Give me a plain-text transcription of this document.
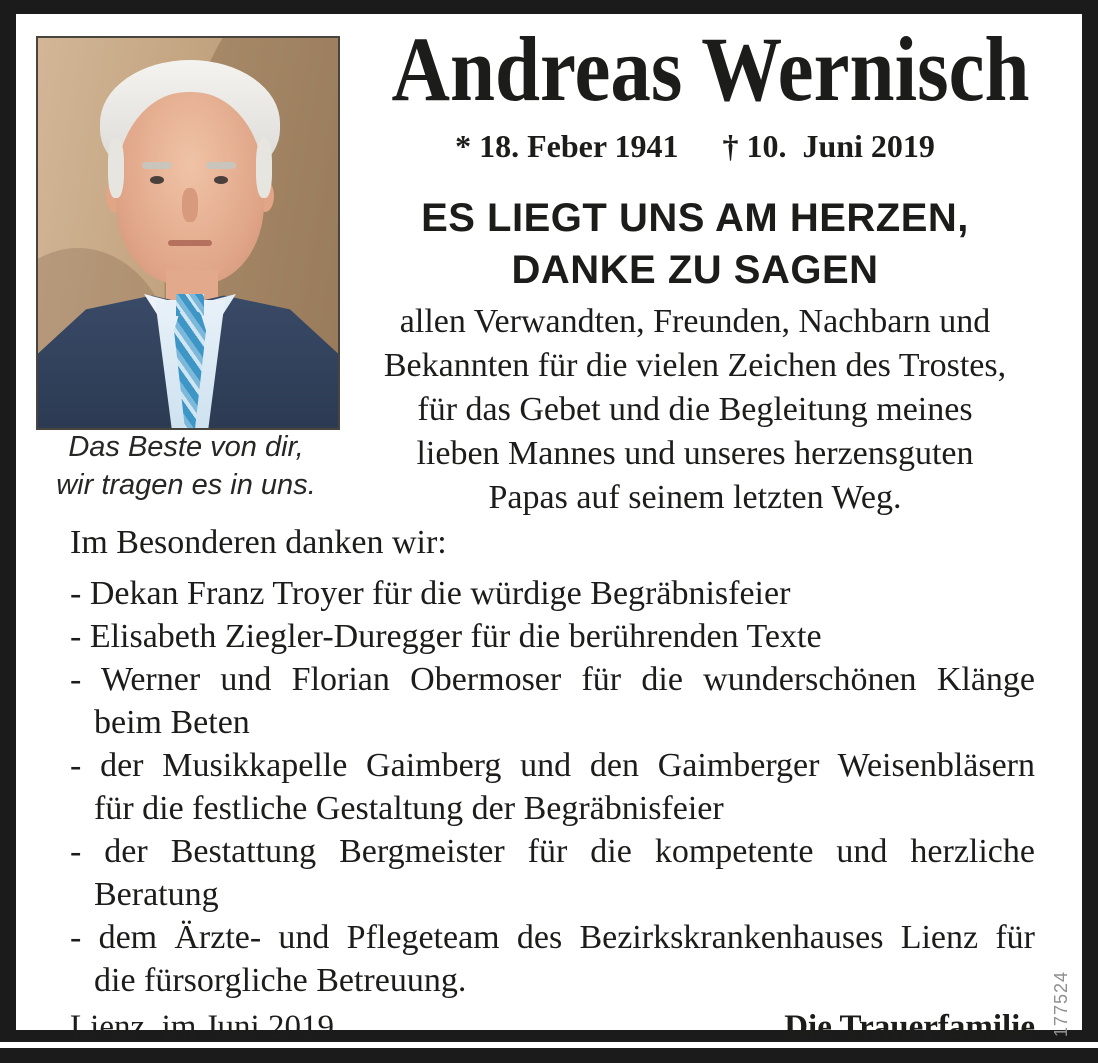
Das Beste von dir,
wir tragen es in uns.
Andreas Wernisch
* 18. Feber 1941 † 10.  Juni 2019
ES LIEGT UNS AM HERZEN,
DANKE ZU SAGEN
allen Verwandten, Freunden, Nachbarn und
Bekannten für die vielen Zeichen des Trostes,
für das Gebet und die Begleitung meines
lieben Mannes und unseres herzensguten
Papas auf seinem letzten Weg.
Im Besonderen danken wir:
- Dekan Franz Troyer für die würdige Begräbnisfeier
- Elisabeth Ziegler-Duregger für die berührenden Texte
- Werner und Florian Obermoser für die wunderschönen Klänge
beim Beten
- der Musikkapelle Gaimberg und den Gaimberger Weisenbläsern
für die festliche Gestaltung der Begräbnisfeier
- der Bestattung Bergmeister für die kompetente und herzliche
Beratung
- dem Ärzte- und Pflegeteam des Bezirkskrankenhauses Lienz für
die fürsorgliche Betreuung.
Lienz, im Juni 2019	Die Trauerfamilie 177524
